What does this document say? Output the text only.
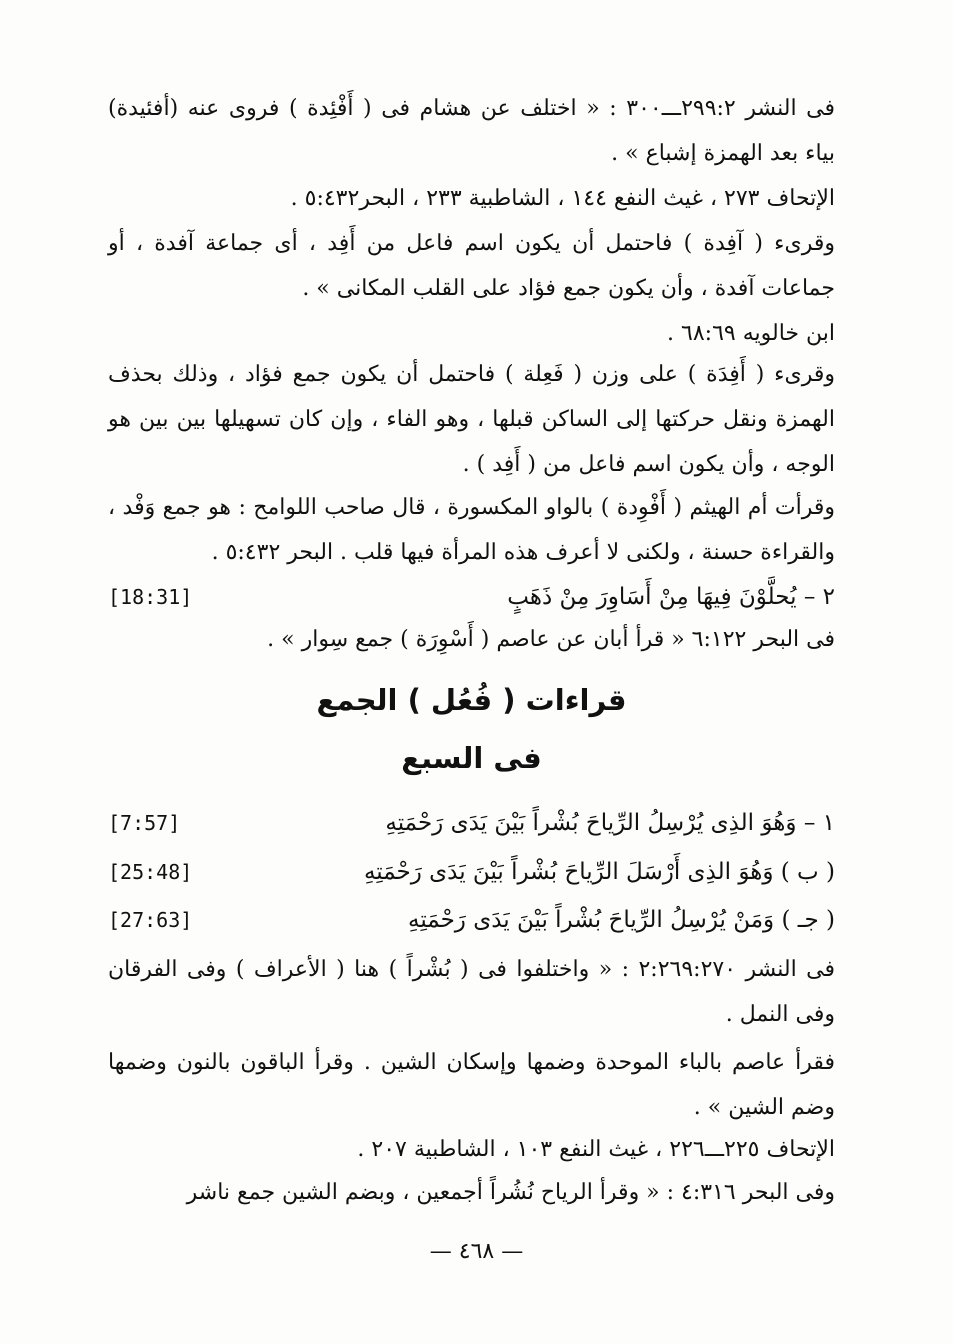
فى النشر ٢٩٩:٢ـــ٣٠٠ : « اختلف عن هشام فى ( أَفْئِدة ) فروى عنه (أفئيدة) بياء بعد الهمزة إشباع » .
الإتحاف ٢٧٣ ، غيث النفع ١٤٤ ، الشاطبية ٢٣٣ ، البحر٥:٤٣٢ .
وقرىء ( آفِدة ) فاحتمل أن يكون اسم فاعل من أَفِد ، أى جماعة آفدة ، أو جماعات آفدة ، وأن يكون جمع فؤاد على القلب المكانى » .
ابن خالويه ٦٨:٦٩ .
وقرىء ( أَفِدَة ) على وزن ( فَعِلة ) فاحتمل أن يكون جمع فؤاد ، وذلك بحذف الهمزة ونقل حركتها إلى الساكن قبلها ، وهو الفاء ، وإن كان تسهيلها بين بين هو الوجه ، وأن يكون اسم فاعل من ( أَفِد ) .
وقرأت أم الهيثم ( أَفْوِدة ) بالواو المكسورة ، قال صاحب اللوامح : هو جمع وَفْد ، والقراءة حسنة ، ولكنى لا أعرف هذه المرأة فيها قلب . البحر ٥:٤٣٢ .
٢ – يُحلَّوْنَ فِيهَا مِنْ أَسَاوِرَ مِنْ ذَهَبٍ
[18:31]
فى البحر ٦:١٢٢ « قرأ أبان عن عاصم ( أَسْوِرَة ) جمع سِوار » .
قراءات ( فُعُل ) الجمع
فى السبع
١ – وَهُوَ الذِى يُرْسِلُ الرِّياحَ بُشْراً بَيْنَ يَدَى رَحْمَتِهِ
[7:57]
( ب ) وَهُوَ الذِى أَرْسَلَ الرِّياحَ بُشْراً بَيْنَ يَدَى رَحْمَتِهِ
[25:48]
( جـ ) وَمَنْ يُرْسِلُ الرِّياحَ بُشْراً بَيْنَ يَدَى رَحْمَتِهِ
[27:63]
فى النشر ٢:٢٦٩:٢٧٠ : « واختلفوا فى ( بُشْراً ) هنا ( الأعراف ) وفى الفرقان وفى النمل .
فقرأ عاصم بالباء الموحدة وضمها وإسكان الشين . وقرأ الباقون بالنون وضمها وضم الشين » .
الإتحاف ٢٢٥ـــ٢٢٦ ، غيث النفع ١٠٣ ، الشاطبية ٢٠٧ .
وفى البحر ٤:٣١٦ : « وقرأ الرياح نُشُراً أجمعين ، وبضم الشين جمع ناشر
— ٤٦٨ —
